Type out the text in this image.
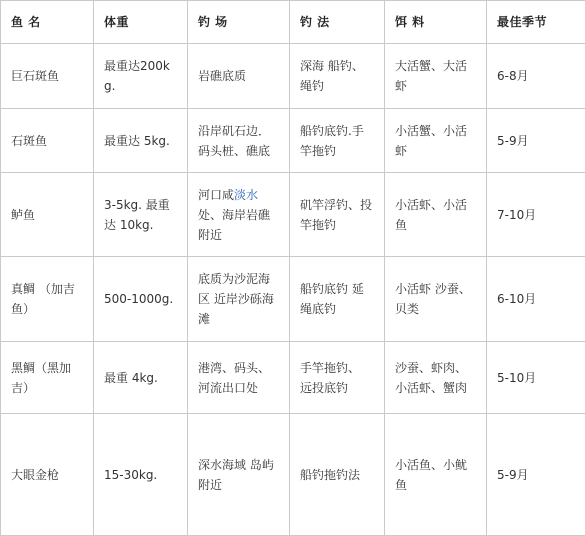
鱼 名	体重	钓 场	钓 法	饵 料	最佳季节
巨石斑鱼	最重达200kg.	岩礁底质	深海 船钓、绳钓	大活蟹、大活虾	6-8月
石斑鱼	最重达 5kg.	沿岸矶石边．码头桩、礁底	船钓底钓.手竿拖钓	小活蟹、小活虾	5-9月
鲈鱼	3-5kg. 最重达 10kg.	河口咸淡水处、海岸岩礁附近	矶竿浮钓、投竿拖钓	小活虾、小活鱼	7-10月
真鲷 （加吉鱼）	500-1000g.	底质为沙泥海区 近岸沙砾海滩	船钓底钓 延绳底钓	小活虾 沙蚕、贝类	6-10月
黑鲷（黑加吉）	最重 4kg.	港湾、码头、河流出口处	手竿拖钓、 远投底钓	沙蚕、虾肉、小活虾、蟹肉	5-10月
大眼金枪	15-30kg.	深水海域 岛屿附近	船钓拖钓法	小活鱼、小鱿鱼	5-9月
